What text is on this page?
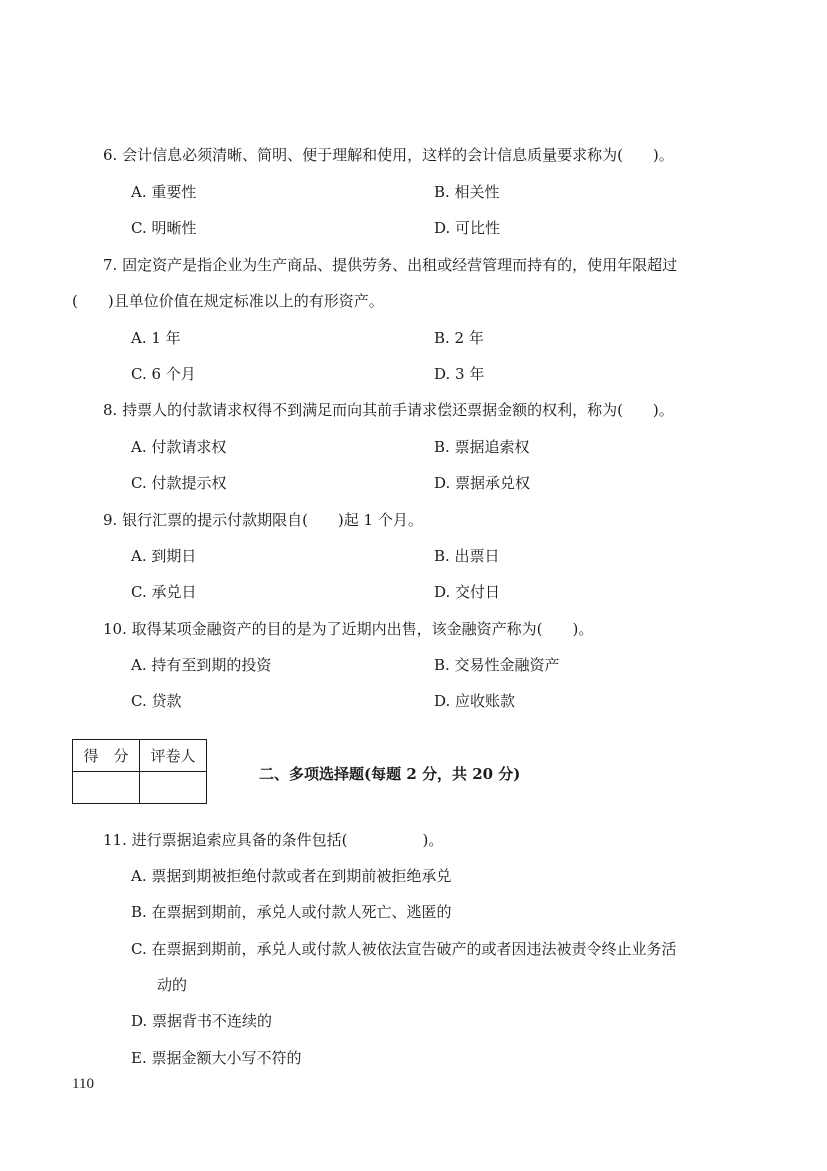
6. 会计信息必须清晰、简明、便于理解和使用，这样的会计信息质量要求称为(　　)。
A. 重要性	B. 相关性
C. 明晰性	D. 可比性
7. 固定资产是指企业为生产商品、提供劳务、出租或经营管理而持有的，使用年限超过
(　　)且单位价值在规定标准以上的有形资产。
A. 1 年	B. 2 年
C. 6 个月	D. 3 年
8. 持票人的付款请求权得不到满足而向其前手请求偿还票据金额的权利，称为(　　)。
A. 付款请求权	B. 票据追索权
C. 付款提示权	D. 票据承兑权
9. 银行汇票的提示付款期限自(　　)起 1 个月。
A. 到期日	B. 出票日
C. 承兑日	D. 交付日
10. 取得某项金融资产的目的是为了近期内出售，该金融资产称为(　　)。
A. 持有至到期的投资	B. 交易性金融资产
C. 贷款	D. 应收账款
得　分	评卷人

二、多项选择题(每题 2 分，共 20 分)
11. 进行票据追索应具备的条件包括(　　　　　)。
A. 票据到期被拒绝付款或者在到期前被拒绝承兑
B. 在票据到期前，承兑人或付款人死亡、逃匿的
C. 在票据到期前，承兑人或付款人被依法宣告破产的或者因违法被责令终止业务活
动的
D. 票据背书不连续的
E. 票据金额大小写不符的
110
